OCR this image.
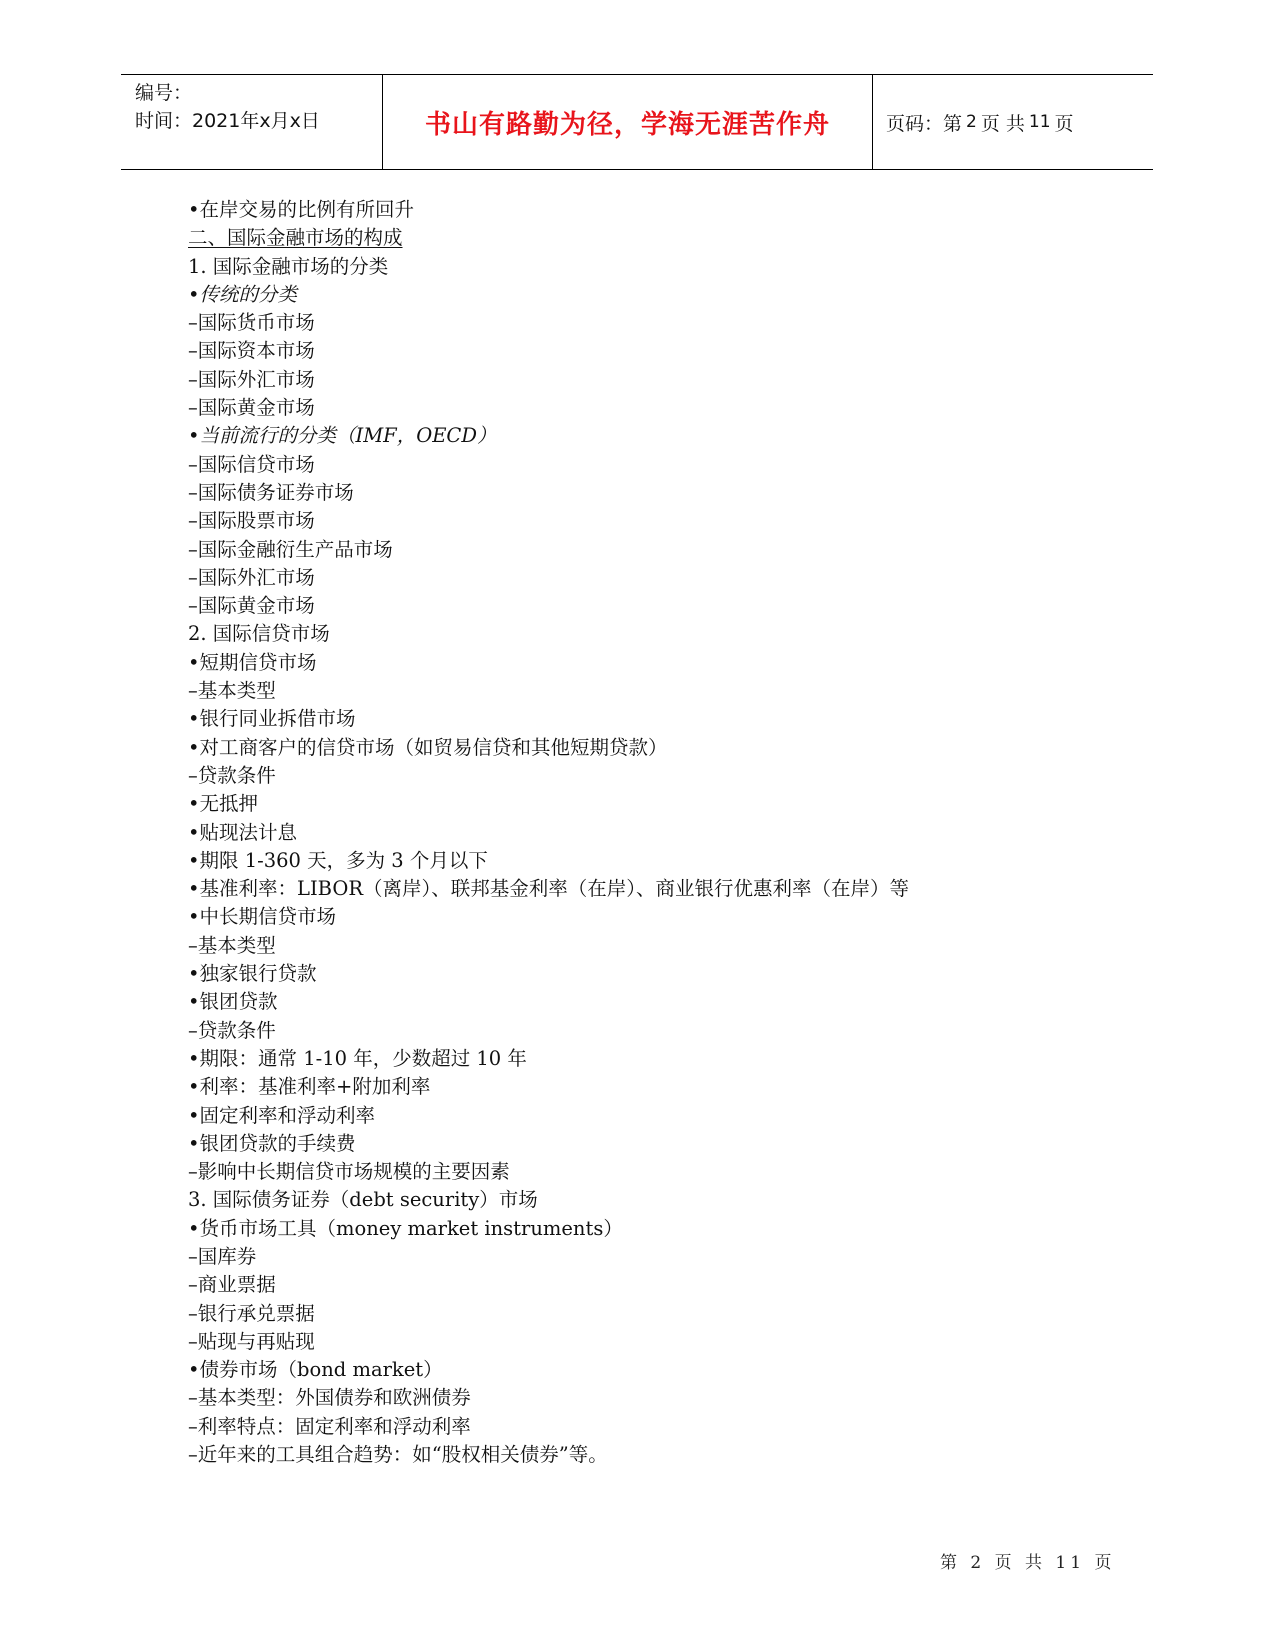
编号：
时间：2021年x月x日	书山有路勤为径，学海无涯苦作舟	页码：第 2 页 共 11 页
•在岸交易的比例有所回升
二、国际金融市场的构成
1. 国际金融市场的分类
•传统的分类
–国际货币市场
–国际资本市场
–国际外汇市场
–国际黄金市场
•当前流行的分类（IMF，OECD）
–国际信贷市场
–国际债务证券市场
–国际股票市场
–国际金融衍生产品市场
–国际外汇市场
–国际黄金市场
2. 国际信贷市场
•短期信贷市场
–基本类型
•银行同业拆借市场
•对工商客户的信贷市场（如贸易信贷和其他短期贷款）
–贷款条件
•无抵押
•贴现法计息
•期限 1-360 天，多为 3 个月以下
•基准利率：LIBOR（离岸）、联邦基金利率（在岸）、商业银行优惠利率（在岸）等
•中长期信贷市场
–基本类型
•独家银行贷款
•银团贷款
–贷款条件
•期限：通常 1-10 年，少数超过 10 年
•利率：基准利率+附加利率
•固定利率和浮动利率
•银团贷款的手续费
–影响中长期信贷市场规模的主要因素
3. 国际债务证券（debt security）市场
•货币市场工具（money market instruments）
–国库券
–商业票据
–银行承兑票据
–贴现与再贴现
•债券市场（bond market）
–基本类型：外国债券和欧洲债券
–利率特点：固定利率和浮动利率
–近年来的工具组合趋势：如“股权相关债券”等。
第 2 页 共 11 页
